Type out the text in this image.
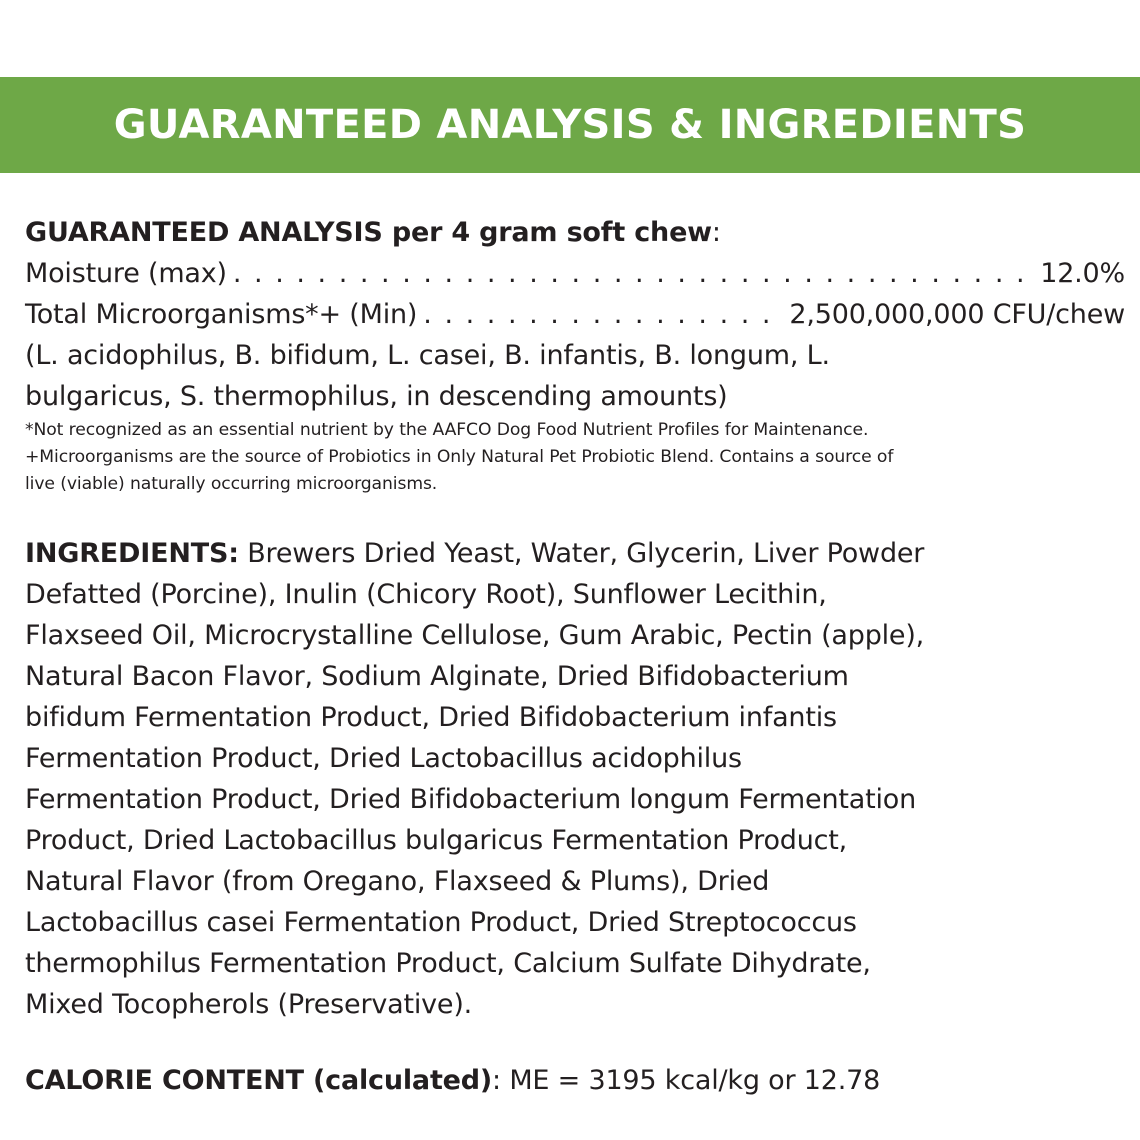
GUARANTEED ANALYSIS & INGREDIENTS
GUARANTEED ANALYSIS per 4 gram soft chew:
Moisture (max) . . .	12.0%
Total Microorganisms*+ (Min) . . .	2,500,000,000 CFU/chew
(L. acidophilus, B. bifidum, L. casei, B. infantis, B. longum, L.
bulgaricus, S. thermophilus, in descending amounts)
*Not recognized as an essential nutrient by the AAFCO Dog Food Nutrient Profiles for Maintenance.
+Microorganisms are the source of Probiotics in Only Natural Pet Probiotic Blend. Contains a source of
live (viable) naturally occurring microorganisms.
INGREDIENTS: Brewers Dried Yeast, Water, Glycerin, Liver Powder
Defatted (Porcine), Inulin (Chicory Root), Sunflower Lecithin,
Flaxseed Oil, Microcrystalline Cellulose, Gum Arabic, Pectin (apple),
Natural Bacon Flavor, Sodium Alginate, Dried Bifidobacterium
bifidum Fermentation Product, Dried Bifidobacterium infantis
Fermentation Product, Dried Lactobacillus acidophilus
Fermentation Product, Dried Bifidobacterium longum Fermentation
Product, Dried Lactobacillus bulgaricus Fermentation Product,
Natural Flavor (from Oregano, Flaxseed & Plums), Dried
Lactobacillus casei Fermentation Product, Dried Streptococcus
thermophilus Fermentation Product, Calcium Sulfate Dihydrate,
Mixed Tocopherols (Preservative).
CALORIE CONTENT (calculated): ME = 3195 kcal/kg or 12.78
